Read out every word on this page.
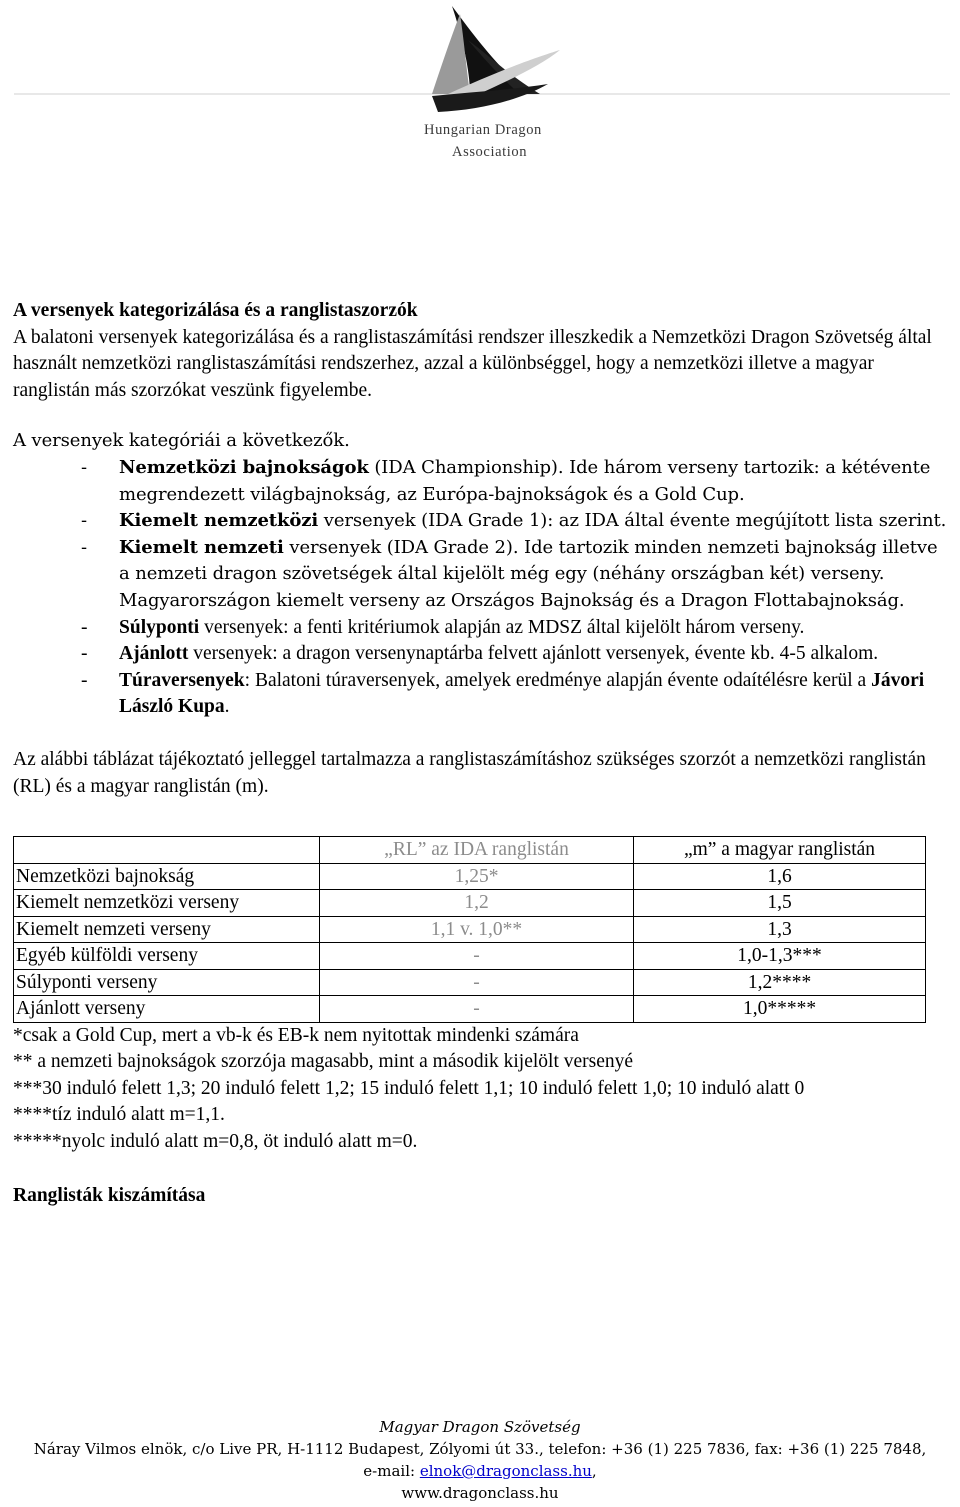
Hungarian Dragon
Association

A versenyek kategorizálása és a ranglistaszorzók

A balatoni versenyek kategorizálása és a ranglistaszámítási rendszer illeszkedik a Nemzetközi Dragon Szövetség által használt nemzetközi ranglistaszámítási rendszerhez, azzal a különbséggel, hogy a nemzetközi illetve a magyar ranglistán más szorzókat veszünk figyelembe.

A versenyek kategóriái a következők.

- Nemzetközi bajnokságok (IDA Championship). Ide három verseny tartozik: a kétévente megrendezett világbajnokság, az Európa-bajnokságok és a Gold Cup.
- Kiemelt nemzetközi versenyek (IDA Grade 1): az IDA által évente megújított lista szerint.
- Kiemelt nemzeti versenyek (IDA Grade 2). Ide tartozik minden nemzeti bajnokság illetve a nemzeti dragon szövetségek által kijelölt még egy (néhány országban két) verseny. Magyarországon kiemelt verseny az Országos Bajnokság és a Dragon Flottabajnokság.
- Súlyponti versenyek: a fenti kritériumok alapján az MDSZ által kijelölt három verseny.
- Ajánlott versenyek: a dragon versenynaptárba felvett ajánlott versenyek, évente kb. 4-5 alkalom.
- Túraversenyek: Balatoni túraversenyek, amelyek eredménye alapján évente odaítélésre kerül a Jávori László Kupa.

Az alábbi táblázat tájékoztató jelleggel tartalmazza a ranglistaszámításhoz szükséges szorzót a nemzetközi ranglistán (RL) és a magyar ranglistán (m).

	„RL” az IDA ranglistán	„m” a magyar ranglistán
Nemzetközi bajnokság	1,25*	1,6
Kiemelt nemzetközi verseny	1,2	1,5
Kiemelt nemzeti verseny	1,1 v. 1,0**	1,3
Egyéb külföldi verseny	-	1,0-1,3***
Súlyponti verseny	-	1,2****
Ajánlott verseny	-	1,0*****

*csak a Gold Cup, mert a vb-k és EB-k nem nyitottak mindenki számára

** a nemzeti bajnokságok szorzója magasabb, mint a második kijelölt versenyé

***30 induló felett 1,3; 20 induló felett 1,2; 15 induló felett 1,1; 10 induló felett 1,0; 10 induló alatt 0

****tíz induló alatt m=1,1.

*****nyolc induló alatt m=0,8, öt induló alatt m=0.

Ranglisták kiszámítása

Magyar Dragon Szövetség
Náray Vilmos elnök, c/o Live PR, H-1112 Budapest, Zólyomi út 33., telefon: +36 (1) 225 7836, fax: +36 (1) 225 7848,
e-mail: elnok@dragonclass.hu,
www.dragonclass.hu
